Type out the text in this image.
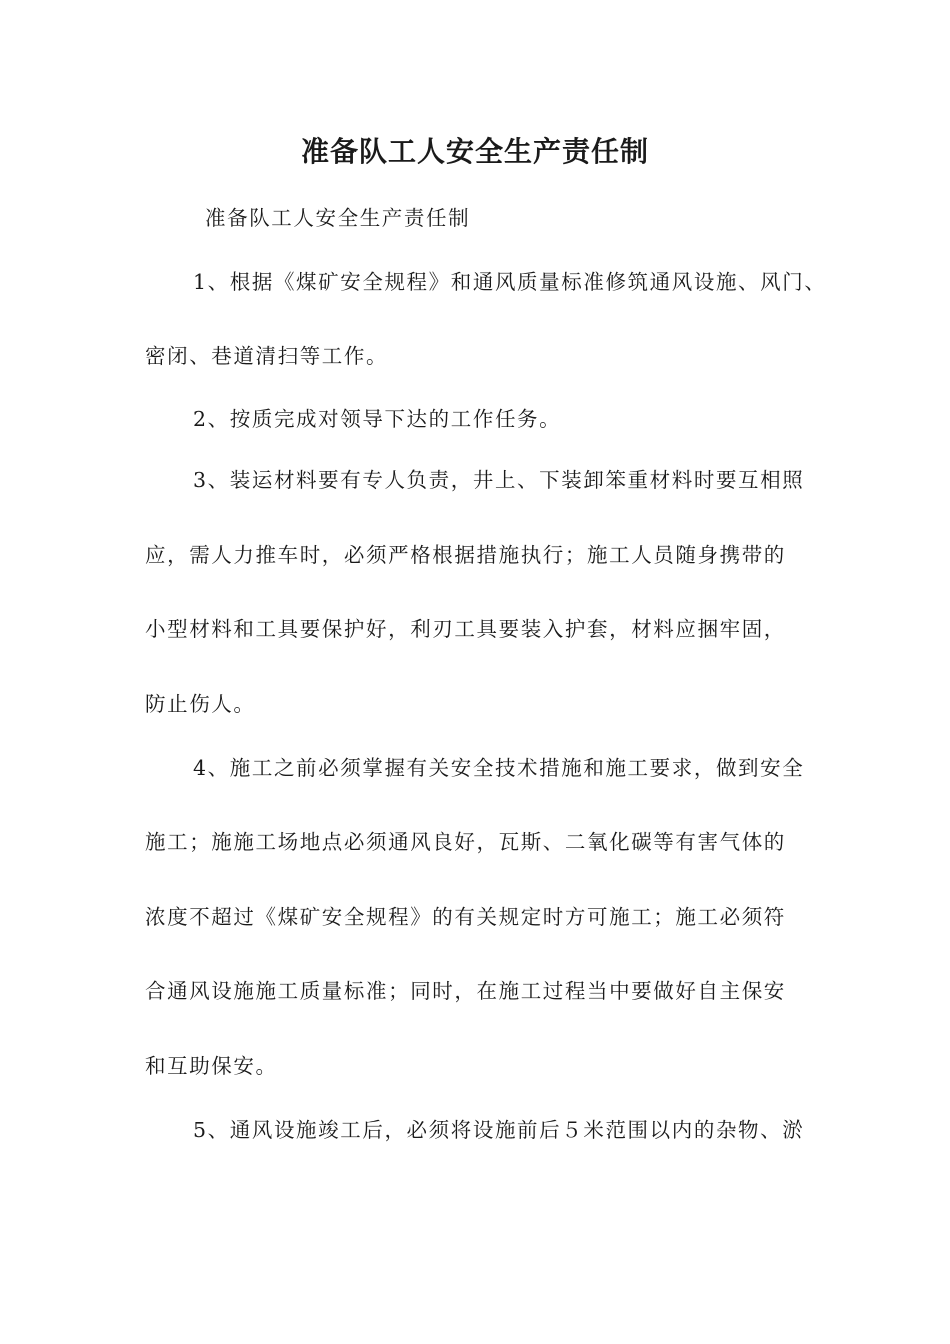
准备队工人安全生产责任制

准备队工人安全生产责任制

1、根据《煤矿安全规程》和通风质量标准修筑通风设施、风门、

密闭、巷道清扫等工作。

2、按质完成对领导下达的工作任务。

3、装运材料要有专人负责，井上、下装卸笨重材料时要互相照

应，需人力推车时，必须严格根据措施执行；施工人员随身携带的

小型材料和工具要保护好，利刃工具要装入护套，材料应捆牢固，

防止伤人。

4、施工之前必须掌握有关安全技术措施和施工要求，做到安全

施工；施施工场地点必须通风良好，瓦斯、二氧化碳等有害气体的

浓度不超过《煤矿安全规程》的有关规定时方可施工；施工必须符

合通风设施施工质量标准；同时，在施工过程当中要做好自主保安

和互助保安。

5、通风设施竣工后，必须将设施前后５米范围以内的杂物、淤
